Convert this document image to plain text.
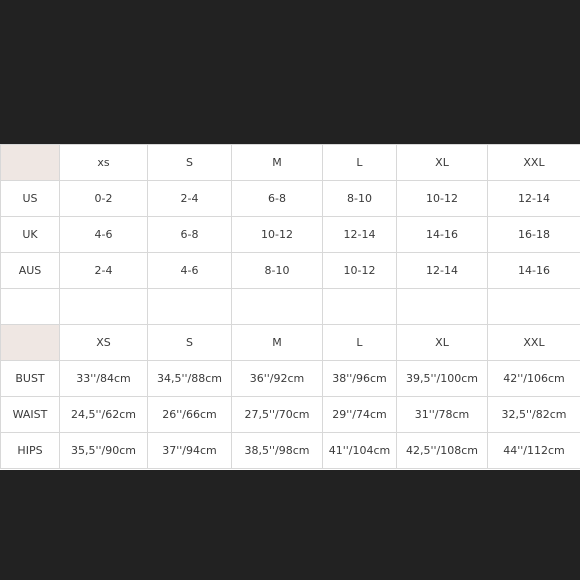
	xs	S	M	L	XL	XXL
US	0-2	2-4	6-8	8-10	10-12	12-14
UK	4-6	6-8	10-12	12-14	14-16	16-18
AUS	2-4	4-6	8-10	10-12	12-14	14-16

	XS	S	M	L	XL	XXL
BUST	33''/84cm	34,5''/88cm	36''/92cm	38''/96cm	39,5''/100cm	42''/106cm
WAIST	24,5''/62cm	26''/66cm	27,5''/70cm	29''/74cm	31''/78cm	32,5''/82cm
HIPS	35,5''/90cm	37''/94cm	38,5''/98cm	41''/104cm	42,5''/108cm	44''/112cm
